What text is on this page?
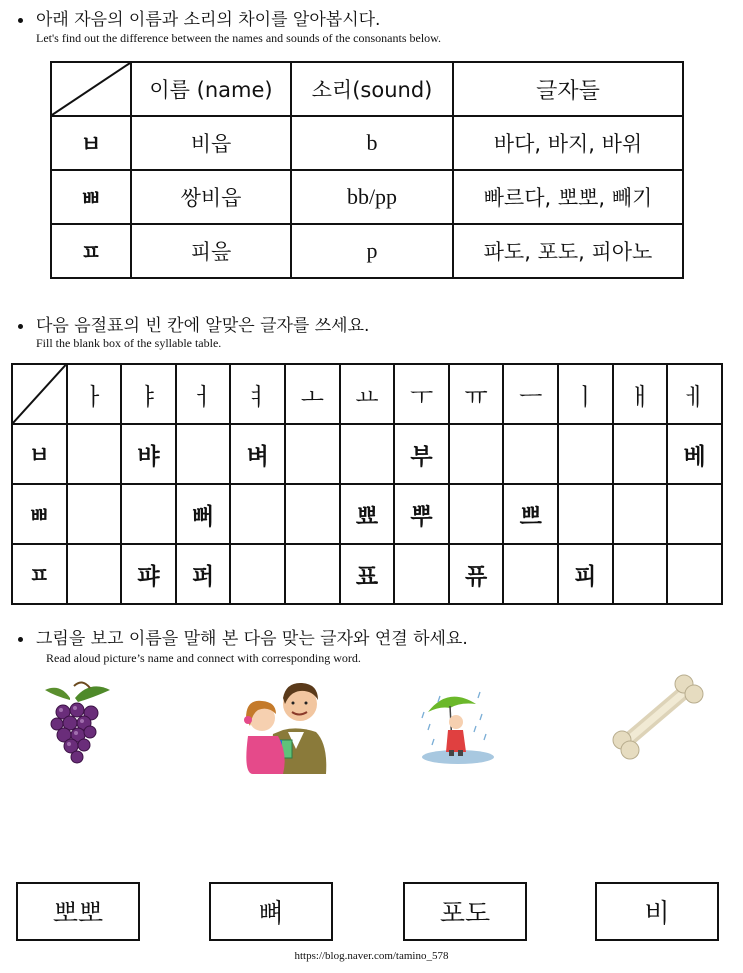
아래 자음의 이름과 소리의 차이를 알아봅시다.
Let's find out the difference between the names and sounds of the consonants below.
	이름 (name)	소리(sound)	글자들
ㅂ	비읍	b	바다, 바지, 바위
ㅃ	쌍비읍	bb/pp	빠르다, 뽀뽀, 빼기
ㅍ	피읖	p	파도, 포도, 피아노
다음 음절표의 빈 칸에 알맞은 글자를 쓰세요.
Fill the blank box of the syllable table.
	ㅏ	ㅑ	ㅓ	ㅕ	ㅗ	ㅛ	ㅜ	ㅠ	ㅡ	ㅣ	ㅐ	ㅔ
ㅂ		뱌		벼			부					베
ㅃ			뻐			뾰	뿌		쁘			
ㅍ		퍄	퍼			표		퓨		피		
그림을 보고 이름을 말해 본 다음 맞는 글자와 연결 하세요.
Read aloud picture’s name and connect with corresponding word.
뽀뽀	뼈	포도	비
https://blog.naver.com/tamino_578
